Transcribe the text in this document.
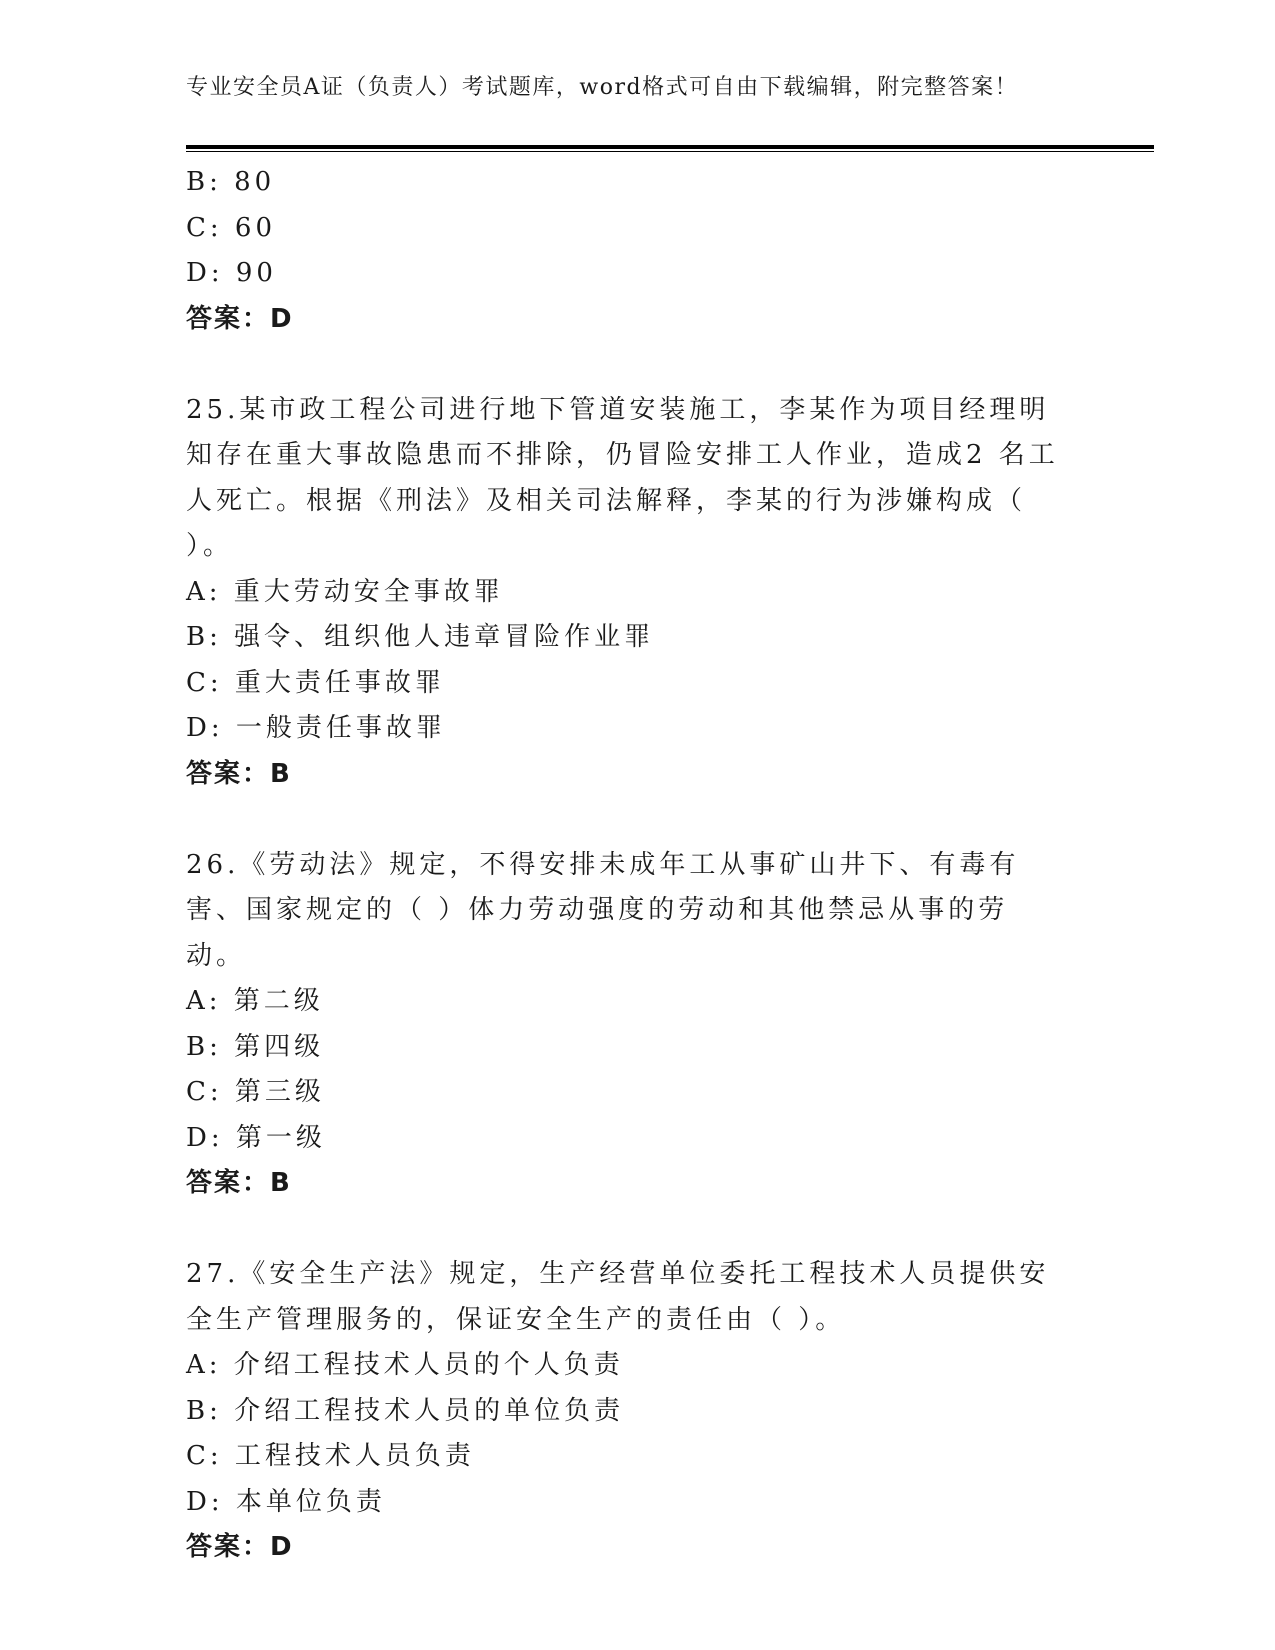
专业安全员A证（负责人）考试题库，word格式可自由下载编辑，附完整答案！
B: 80
C: 60
D: 90
答案：D
25.某市政工程公司进行地下管道安装施工，李某作为项目经理明知存在重大事故隐患而不排除，仍冒险安排工人作业，造成2 名工人死亡。根据《刑法》及相关司法解释，李某的行为涉嫌构成（ ）。
A: 重大劳动安全事故罪
B: 强令、组织他人违章冒险作业罪
C: 重大责任事故罪
D: 一般责任事故罪
答案：B
26.《劳动法》规定，不得安排未成年工从事矿山井下、有毒有害、国家规定的（ ）体力劳动强度的劳动和其他禁忌从事的劳动。
A: 第二级
B: 第四级
C: 第三级
D: 第一级
答案：B
27.《安全生产法》规定，生产经营单位委托工程技术人员提供安全生产管理服务的，保证安全生产的责任由（ ）。
A: 介绍工程技术人员的个人负责
B: 介绍工程技术人员的单位负责
C: 工程技术人员负责
D: 本单位负责
答案：D
